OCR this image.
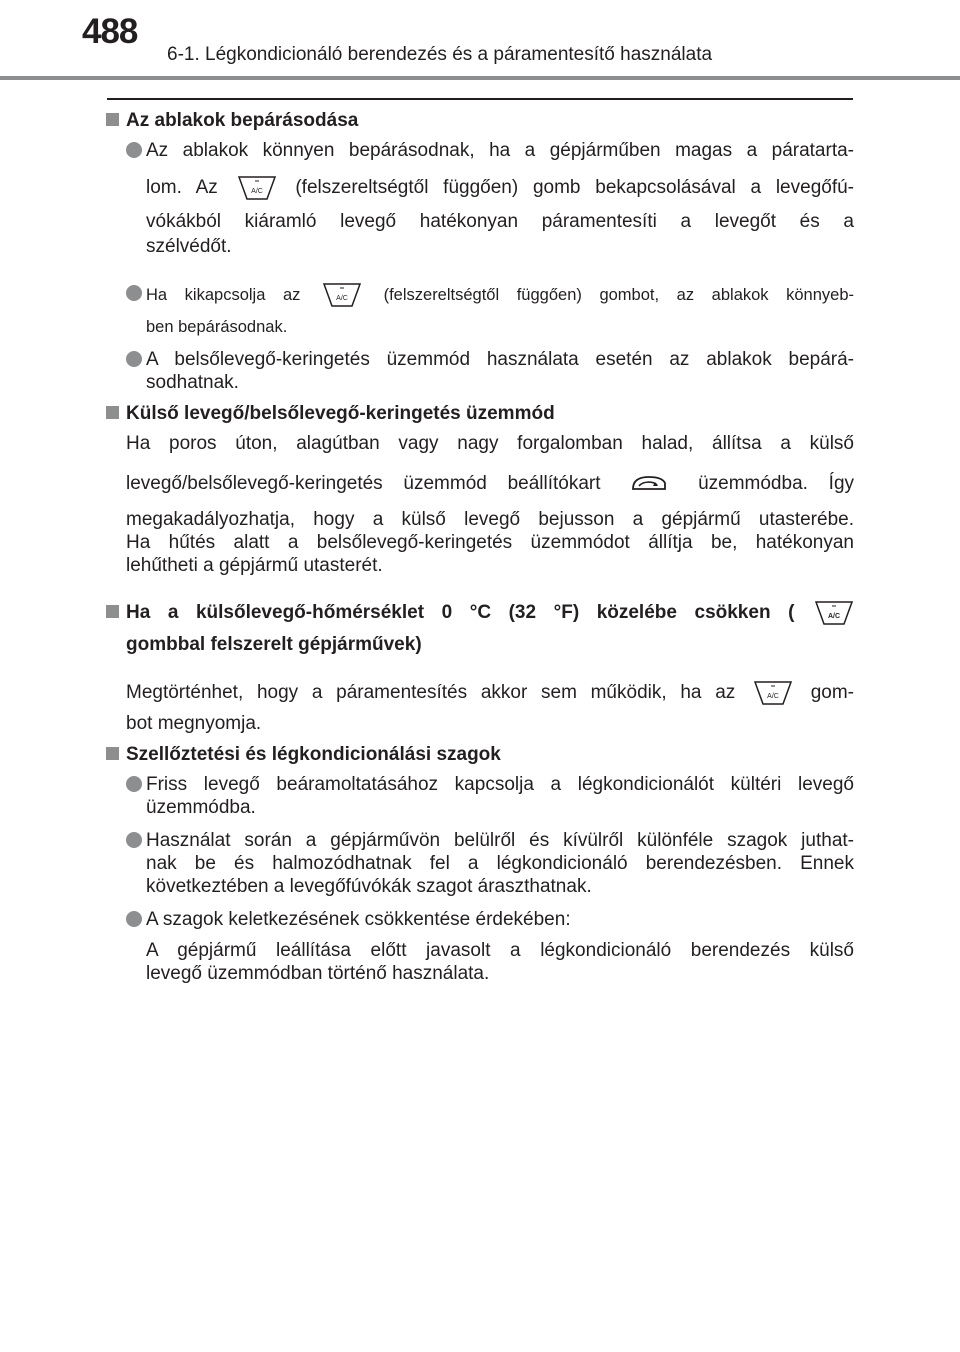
488
6-1. Légkondicionáló berendezés és a páramentesítő használata

Az ablakok bepárásodása

Az ablakok könnyen bepárásodnak, ha a gépjárműben magas a páratarta-

lom. Az	A/C (felszereltségtől függően) gomb bekapcsolásával a levegőfú-

vókákból kiáramló levegő hatékonyan páramentesíti a levegőt és a

szélvédőt.

Ha kikapcsolja az	A/C (felszereltségtől függően) gombot, az ablakok könnyeb-

ben bepárásodnak.

A belsőlevegő-keringetés üzemmód használata esetén az ablakok bepárá-

sodhatnak.

Külső levegő/belsőlevegő-keringetés üzemmód

Ha poros úton, alagútban vagy nagy forgalomban halad, állítsa a külső

levegő/belsőlevegő-keringetés üzemmód beállítókart	üzemmódba. Így

megakadályozhatja, hogy a külső levegő bejusson a gépjármű utasterébe.

Ha hűtés alatt a belsőlevegő-keringetés üzemmódot állítja be, hatékonyan

lehűtheti a gépjármű utasterét.

Ha a külsőlevegő-hőmérséklet 0 °C (32 °F) közelébe csökken (	A/C

gombbal felszerelt gépjárművek)

Megtörténhet, hogy a páramentesítés akkor sem működik, ha az	A/C gom-

bot megnyomja.

Szellőztetési és légkondicionálási szagok

Friss levegő beáramoltatásához kapcsolja a légkondicionálót kültéri levegő

üzemmódba.

Használat során a gépjárművön belülről és kívülről különféle szagok juthat-

nak be és halmozódhatnak fel a légkondicionáló berendezésben. Ennek

következtében a levegőfúvókák szagot áraszthatnak.

A szagok keletkezésének csökkentése érdekében:

A gépjármű leállítása előtt javasolt a légkondicionáló berendezés külső

levegő üzemmódban történő használata.
